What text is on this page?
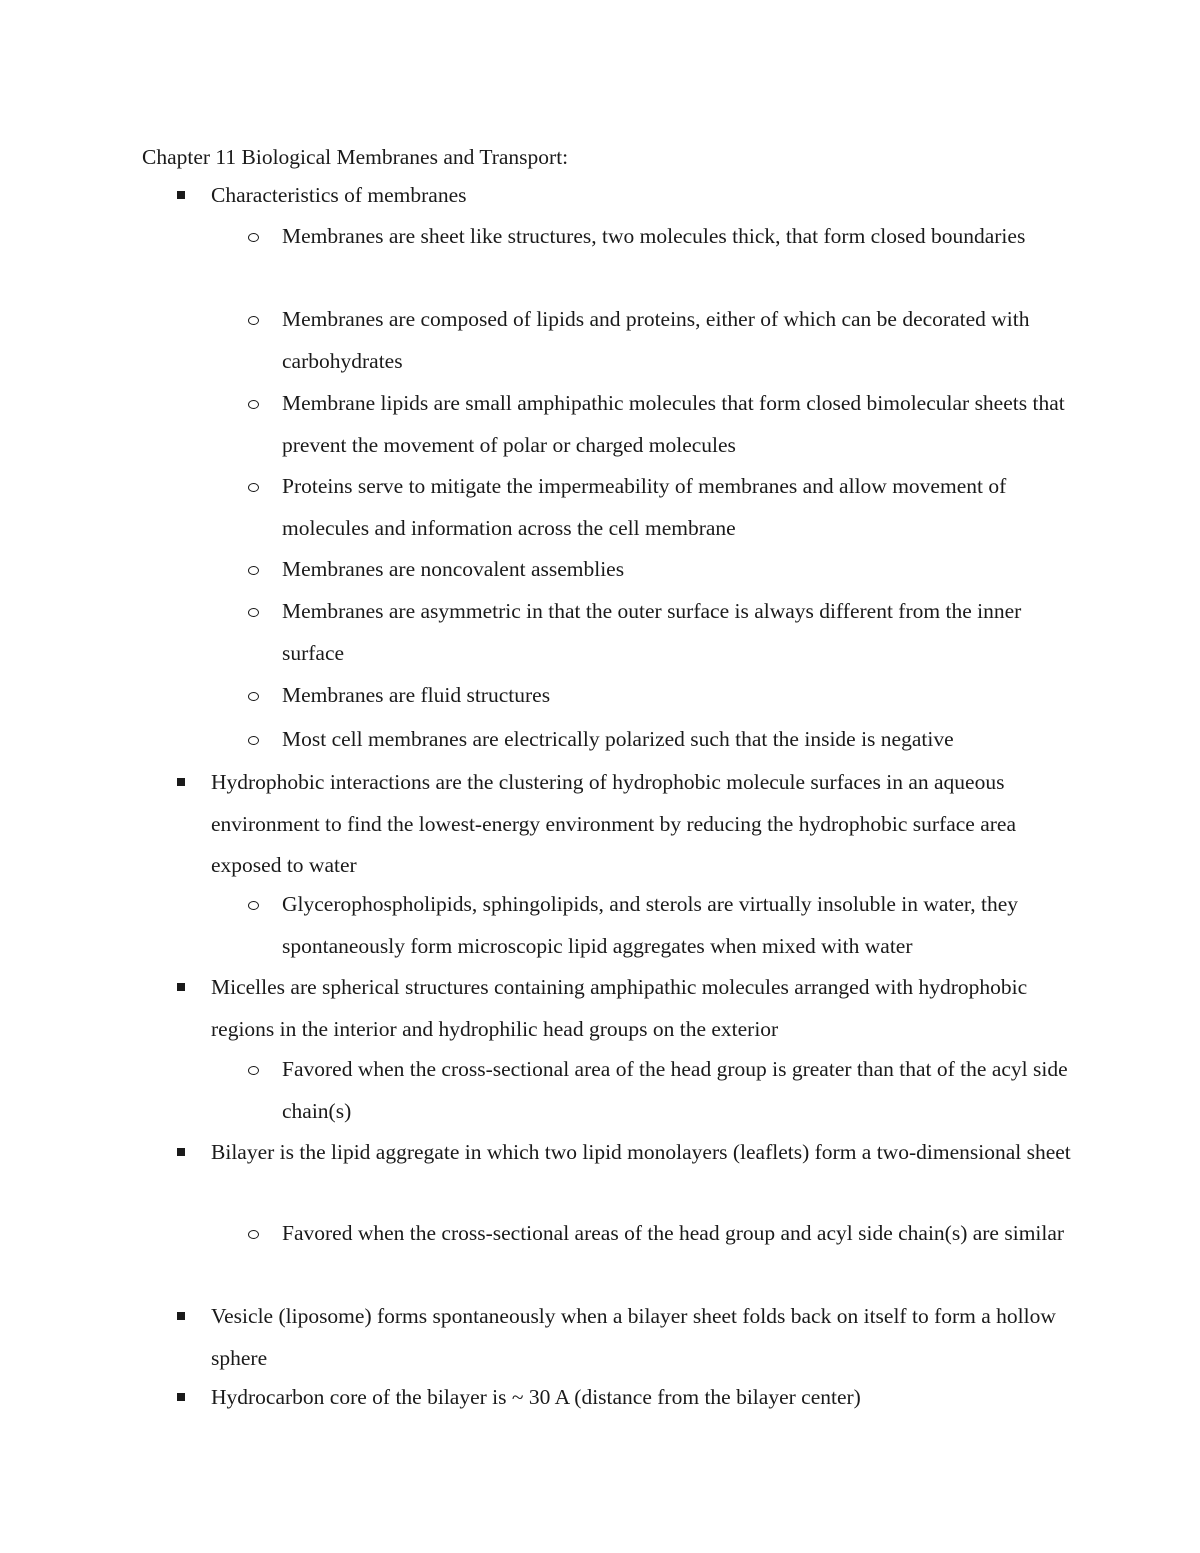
Chapter 11 Biological Membranes and Transport:
Characteristics of membranes
Membranes are sheet like structures, two molecules thick, that form closed boundaries
Membranes are composed of lipids and proteins, either of which can be decorated with carbohydrates
Membrane lipids are small amphipathic molecules that form closed bimolecular sheets that prevent the movement of polar or charged molecules
Proteins serve to mitigate the impermeability of membranes and allow movement of molecules and information across the cell membrane
Membranes are noncovalent assemblies
Membranes are asymmetric in that the outer surface is always different from the inner surface
Membranes are fluid structures
Most cell membranes are electrically polarized such that the inside is negative
Hydrophobic interactions are the clustering of hydrophobic molecule surfaces in an aqueous environment to find the lowest-energy environment by reducing the hydrophobic surface area exposed to water
Glycerophospholipids, sphingolipids, and sterols are virtually insoluble in water, they spontaneously form microscopic lipid aggregates when mixed with water
Micelles are spherical structures containing amphipathic molecules arranged with hydrophobic regions in the interior and hydrophilic head groups on the exterior
Favored when the cross-sectional area of the head group is greater than that of the acyl side chain(s)
Bilayer is the lipid aggregate in which two lipid monolayers (leaflets) form a two-dimensional sheet
Favored when the cross-sectional areas of the head group and acyl side chain(s) are similar
Vesicle (liposome) forms spontaneously when a bilayer sheet folds back on itself to form a hollow sphere
Hydrocarbon core of the bilayer is ~ 30 A (distance from the bilayer center)
